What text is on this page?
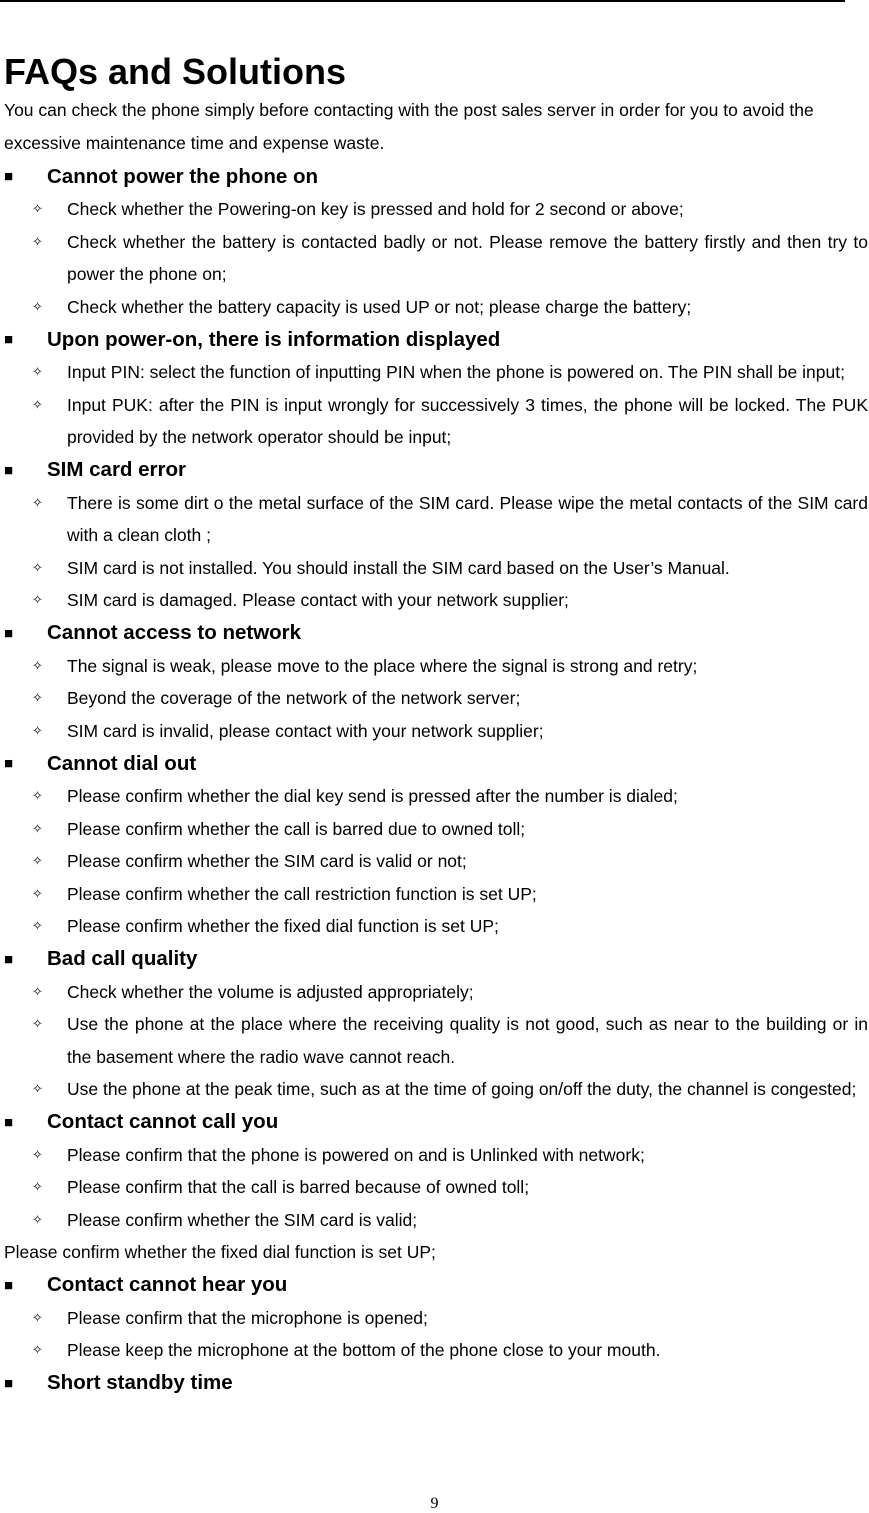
FAQs and Solutions

You can check the phone simply before contacting with the post sales server in order for you to avoid the excessive maintenance time and expense waste.

■	Cannot power the phone on
✧	Check whether the Powering-on key is pressed and hold for 2 second or above;
✧	Check whether the battery is contacted badly or not. Please remove the battery firstly and then try to power the phone on;
✧	Check whether the battery capacity is used UP or not; please charge the battery;
■	Upon power-on, there is information displayed
✧	Input PIN: select the function of inputting PIN when the phone is powered on. The PIN shall be input;
✧	Input PUK: after the PIN is input wrongly for successively 3 times, the phone will be locked. The PUK provided by the network operator should be input;
■	SIM card error
✧	There is some dirt o the metal surface of the SIM card. Please wipe the metal contacts of the SIM card with a clean cloth ;
✧	SIM card is not installed. You should install the SIM card based on the User’s Manual.
✧	SIM card is damaged. Please contact with your network supplier;
■	Cannot access to network
✧	The signal is weak, please move to the place where the signal is strong and retry;
✧	Beyond the coverage of the network of the network server;
✧	SIM card is invalid, please contact with your network supplier;
■	Cannot dial out
✧	Please confirm whether the dial key send is pressed after the number is dialed;
✧	Please confirm whether the call is barred due to owned toll;
✧	Please confirm whether the SIM card is valid or not;
✧	Please confirm whether the call restriction function is set UP;
✧	Please confirm whether the fixed dial function is set UP;
■	Bad call quality
✧	Check whether the volume is adjusted appropriately;
✧	Use the phone at the place where the receiving quality is not good, such as near to the building or in the basement where the radio wave cannot reach.
✧	Use the phone at the peak time, such as at the time of going on/off the duty, the channel is congested;
■	Contact cannot call you
✧	Please confirm that the phone is powered on and is Unlinked with network;
✧	Please confirm that the call is barred because of owned toll;
✧	Please confirm whether the SIM card is valid;
Please confirm whether the fixed dial function is set UP;
■	Contact cannot hear you
✧	Please confirm that the microphone is opened;
✧	Please keep the microphone at the bottom of the phone close to your mouth.
■	Short standby time
9
